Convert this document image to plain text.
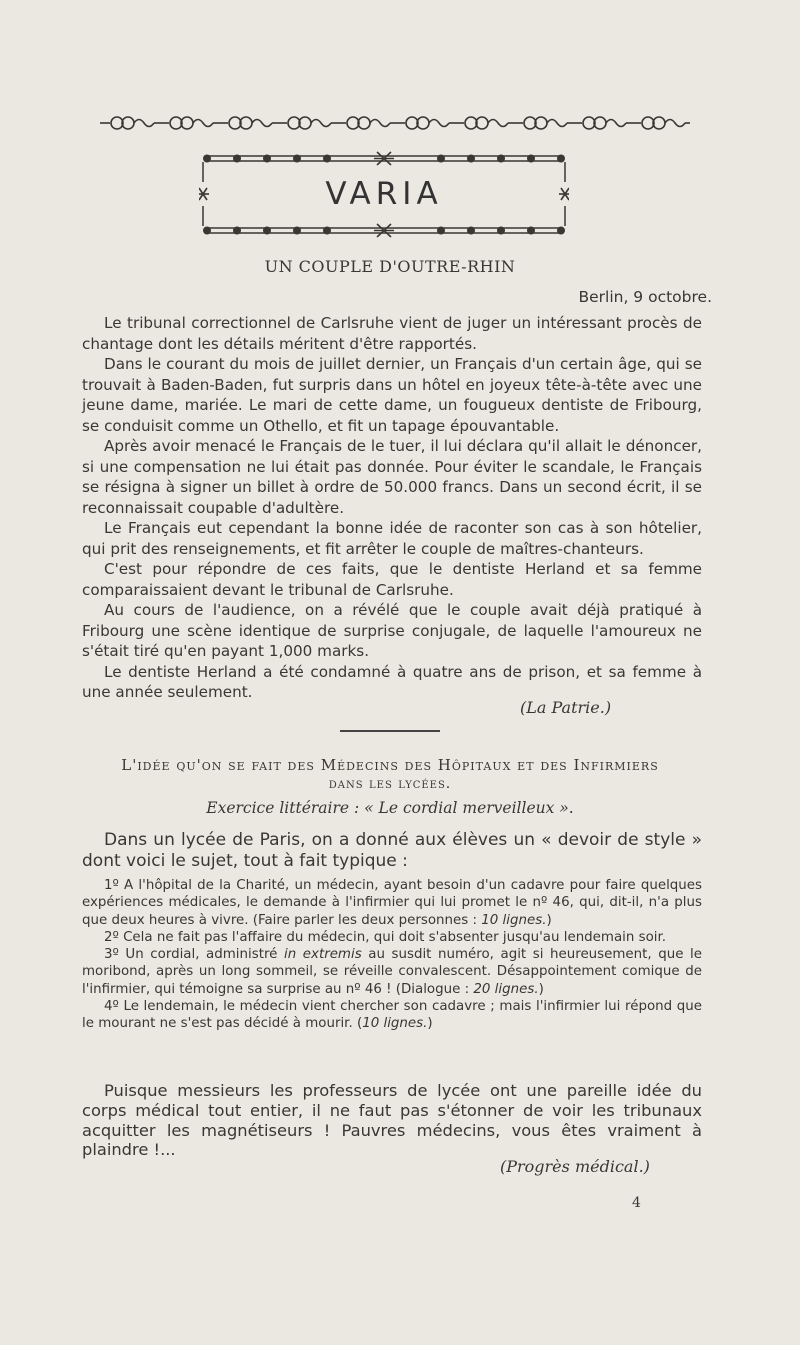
VARIA
UN COUPLE D'OUTRE-RHIN
Berlin, 9 octobre.

Le tribunal correctionnel de Carlsruhe vient de juger un intéressant procès de chantage dont les détails méritent d'être rapportés.

Dans le courant du mois de juillet dernier, un Français d'un certain âge, qui se trouvait à Baden-Baden, fut surpris dans un hôtel en joyeux tête-à-tête avec une jeune dame, mariée. Le mari de cette dame, un fougueux dentiste de Fribourg, se conduisit comme un Othello, et fit un tapage épouvantable.

Après avoir menacé le Français de le tuer, il lui déclara qu'il allait le dénoncer, si une compensation ne lui était pas donnée. Pour éviter le scandale, le Français se résigna à signer un billet à ordre de 50.000 francs. Dans un second écrit, il se reconnaissait coupable d'adultère.

Le Français eut cependant la bonne idée de raconter son cas à son hôtelier, qui prit des renseignements, et fit arrêter le couple de maîtres-chanteurs.

C'est pour répondre de ces faits, que le dentiste Herland et sa femme comparaissaient devant le tribunal de Carlsruhe.

Au cours de l'audience, on a révélé que le couple avait déjà pratiqué à Fribourg une scène identique de surprise conjugale, de laquelle l'amoureux ne s'était tiré qu'en payant 1,000 marks.

Le dentiste Herland a été condamné à quatre ans de prison, et sa femme à une année seulement.

(La Patrie.)
L'idée qu'on se fait des Médecins des Hôpitaux et des Infirmiers
dans les lycées.
Exercice littéraire : « Le cordial merveilleux ».

Dans un lycée de Paris, on a donné aux élèves un « devoir de style » dont voici le sujet, tout à fait typique :

1º A l'hôpital de la Charité, un médecin, ayant besoin d'un cadavre pour faire quelques expériences médicales, le demande à l'infirmier qui lui promet le nº 46, qui, dit-il, n'a plus que deux heures à vivre. (Faire parler les deux personnes : 10 lignes.)

2º Cela ne fait pas l'affaire du médecin, qui doit s'absenter jusqu'au lendemain soir.

3º Un cordial, administré in extremis au susdit numéro, agit si heureusement, que le moribond, après un long sommeil, se réveille convalescent. Désappointement comique de l'infirmier, qui témoigne sa surprise au nº 46 ! (Dialogue : 20 lignes.)

4º Le lendemain, le médecin vient chercher son cadavre ; mais l'infirmier lui répond que le mourant ne s'est pas décidé à mourir. (10 lignes.)

Puisque messieurs les professeurs de lycée ont une pareille idée du corps médical tout entier, il ne faut pas s'étonner de voir les tribunaux acquitter les magnétiseurs ! Pauvres médecins, vous êtes vraiment à plaindre !...

(Progrès médical.)
4
